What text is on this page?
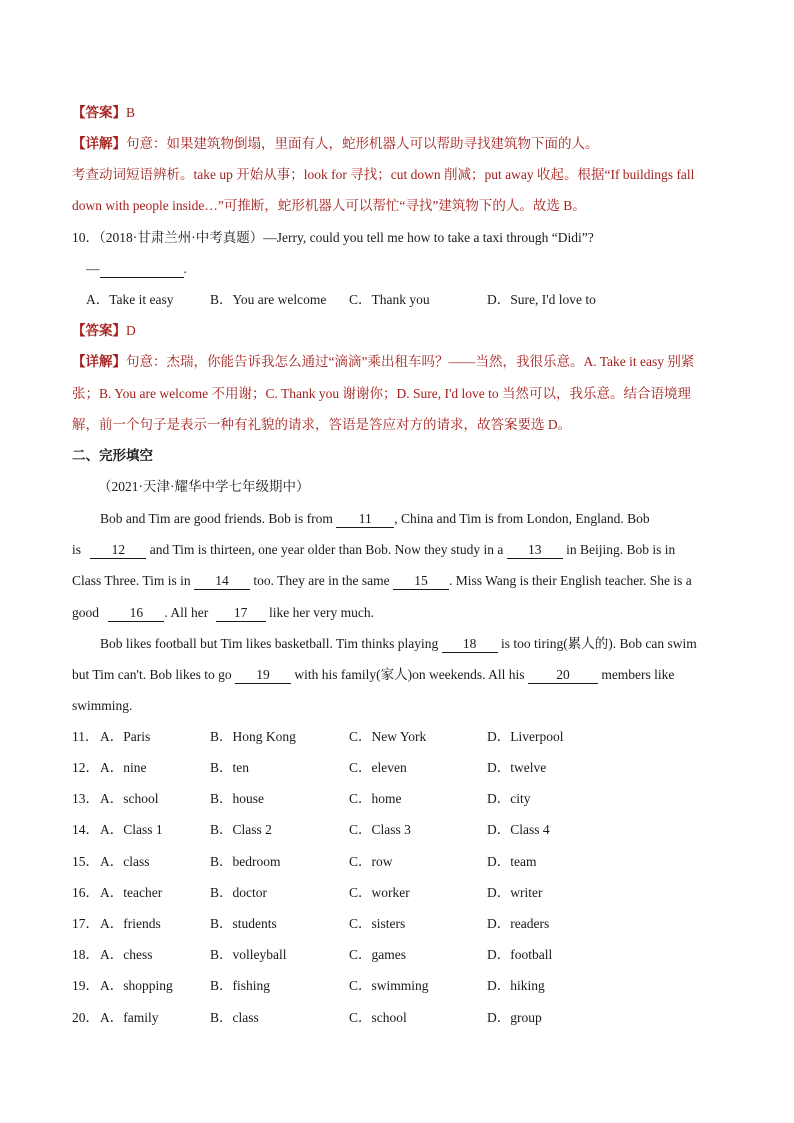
【答案】B
【详解】句意：如果建筑物倒塌，里面有人，蛇形机器人可以帮助寻找建筑物下面的人。
考查动词短语辨析。take up 开始从事；look for 寻找；cut down 削减；put away 收起。根据“If buildings fall
down with people inside…”可推断，蛇形机器人可以帮忙“寻找”建筑物下的人。故选 B。
10．（2018·甘肃兰州·中考真题）—Jerry, could you tell me how to take a taxi through “Didi”?
—	.
A．Take it easy	B．You are welcome C．Thank you	D．Sure, I'd love to
【答案】D
【详解】句意：杰瑞，你能告诉我怎么通过“滴滴”乘出租车吗？——当然，我很乐意。A. Take it easy 别紧
张；B. You are welcome 不用谢；C. Thank you 谢谢你；D. Sure, I'd love to 当然可以，我乐意。结合语境理
解，前一个句子是表示一种有礼貌的请求，答语是答应对方的请求，故答案要选 D。
二、完形填空
（2021·天津·耀华中学七年级期中）
Bob and Tim are good friends. Bob is from 11 , China and Tim is from London, England. Bob
is 12 and Tim is thirteen, one year older than Bob. Now they study in a 13 in Beijing. Bob is in
Class Three. Tim is in 14 too. They are in the same 15 . Miss Wang is their English teacher. She is a
good 16 . All her 17 like her very much.
Bob likes football but Tim likes basketball. Tim thinks playing 18 is too tiring(累人的). Bob can swim
but Tim can't. Bob likes to go 19 with his family(家人)on weekends. All his 20 members like
swimming.
11． A．Paris	B．Hong Kong	C．New York	D．Liverpool
12． A．nine	B．ten	C．eleven	D．twelve
13． A．school	B．house	C．home	D．city
14． A．Class 1	B．Class 2	C．Class 3	D．Class 4
15． A．class	B．bedroom	C．row	D．team
16． A．teacher	B．doctor	C．worker	D．writer
17． A．friends	B．students	C．sisters	D．readers
18． A．chess	B．volleyball	C．games	D．football
19． A．shopping	B．fishing	C．swimming	D．hiking
20． A．family	B．class	C．school	D．group
